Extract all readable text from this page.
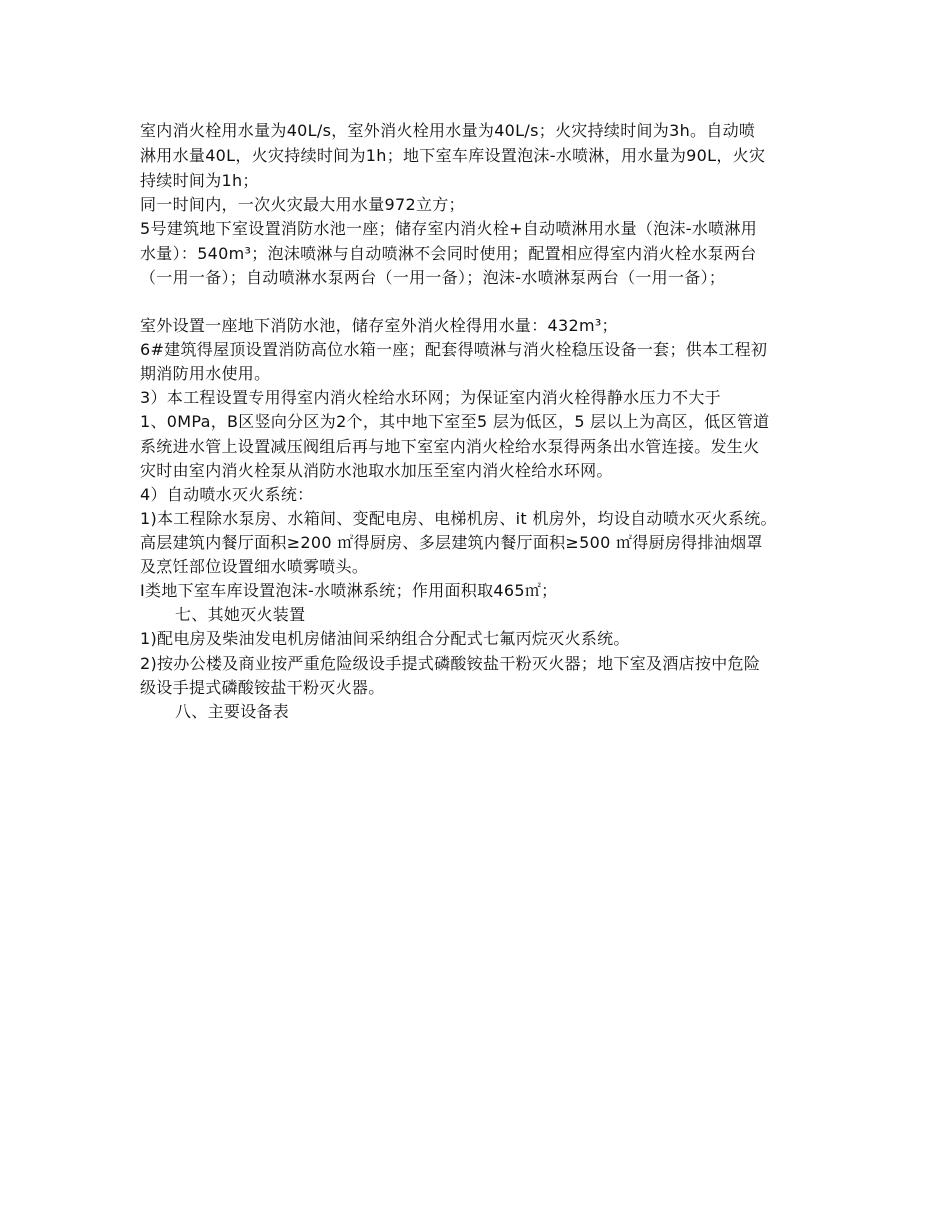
室内消火栓用水量为40L/s，室外消火栓用水量为40L/s；火灾持续时间为3h。自动喷
淋用水量40L，火灾持续时间为1h；地下室车库设置泡沫-水喷淋，用水量为90L，火灾
持续时间为1h；
同一时间内，一次火灾最大用水量972立方；
5号建筑地下室设置消防水池一座；储存室内消火栓+自动喷淋用水量（泡沫-水喷淋用
水量）：540m³；泡沫喷淋与自动喷淋不会同时使用；配置相应得室内消火栓水泵两台
（一用一备）；自动喷淋水泵两台（一用一备）；泡沫-水喷淋泵两台（一用一备）；
室外设置一座地下消防水池，储存室外消火栓得用水量：432m³；
6#建筑得屋顶设置消防高位水箱一座；配套得喷淋与消火栓稳压设备一套；供本工程初
期消防用水使用。
3）本工程设置专用得室内消火栓给水环网；为保证室内消火栓得静水压力不大于
1、0MPa，B区竖向分区为2个，其中地下室至5 层为低区，5 层以上为高区，低区管道
系统进水管上设置减压阀组后再与地下室室内消火栓给水泵得两条出水管连接。发生火
灾时由室内消火栓泵从消防水池取水加压至室内消火栓给水环网。
4）自动喷水灭火系统：
1)本工程除水泵房、水箱间、变配电房、电梯机房、it 机房外，均设自动喷水灭火系统。
高层建筑内餐厅面积≥200 ㎡得厨房、多层建筑内餐厅面积≥500 ㎡得厨房得排油烟罩
及烹饪部位设置细水喷雾喷头。
I类地下室车库设置泡沫-水喷淋系统；作用面积取465㎡；
七、其她灭火装置
1)配电房及柴油发电机房储油间采纳组合分配式七氟丙烷灭火系统。
2)按办公楼及商业按严重危险级设手提式磷酸铵盐干粉灭火器；地下室及酒店按中危险
级设手提式磷酸铵盐干粉灭火器。
八、主要设备表
